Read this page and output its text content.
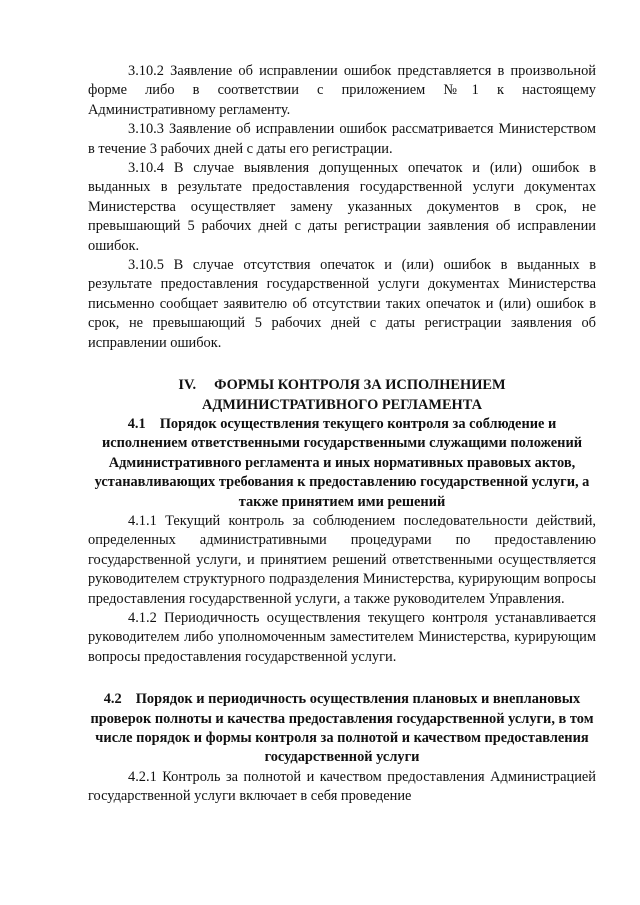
3.10.2 Заявление об исправлении ошибок представляется в произвольной форме либо в соответствии с приложением №1 к настоящему Административному регламенту.

3.10.3 Заявление об исправлении ошибок рассматривается Министерством в течение 3 рабочих дней с даты его регистрации.

3.10.4 В случае выявления допущенных опечаток и (или) ошибок в выданных в результате предоставления государственной услуги документах Министерства осуществляет замену указанных документов в срок, не превышающий 5 рабочих дней с даты регистрации заявления об исправлении ошибок.

3.10.5 В случае отсутствия опечаток и (или) ошибок в выданных в результате предоставления государственной услуги документах Министерства письменно сообщает заявителю об отсутствии таких опечаток и (или) ошибок в срок, не превышающий 5 рабочих дней с даты регистрации заявления об исправлении ошибок.

IV. ФОРМЫ КОНТРОЛЯ ЗА ИСПОЛНЕНИЕМ
АДМИНИСТРАТИВНОГО РЕГЛАМЕНТА
4.1 Порядок осуществления текущего контроля за соблюдение и исполнением ответственными государственными служащими положений Административного регламента и иных нормативных правовых актов, устанавливающих требования к предоставлению государственной услуги, а также принятием ими решений

4.1.1 Текущий контроль за соблюдением последовательности действий, определенных административными процедурами по предоставлению государственной услуги, и принятием решений ответственными осуществляется руководителем структурного подразделения Министерства, курирующим вопросы предоставления государственной услуги, а также руководителем Управления.

4.1.2 Периодичность осуществления текущего контроля устанавливается руководителем либо уполномоченным заместителем Министерства, курирующим вопросы предоставления государственной услуги.

4.2 Порядок и периодичность осуществления плановых и внеплановых проверок полноты и качества предоставления государственной услуги, в том числе порядок и формы контроля за полнотой и качеством предоставления государственной услуги

4.2.1 Контроль за полнотой и качеством предоставления Администрацией государственной услуги включает в себя проведение
